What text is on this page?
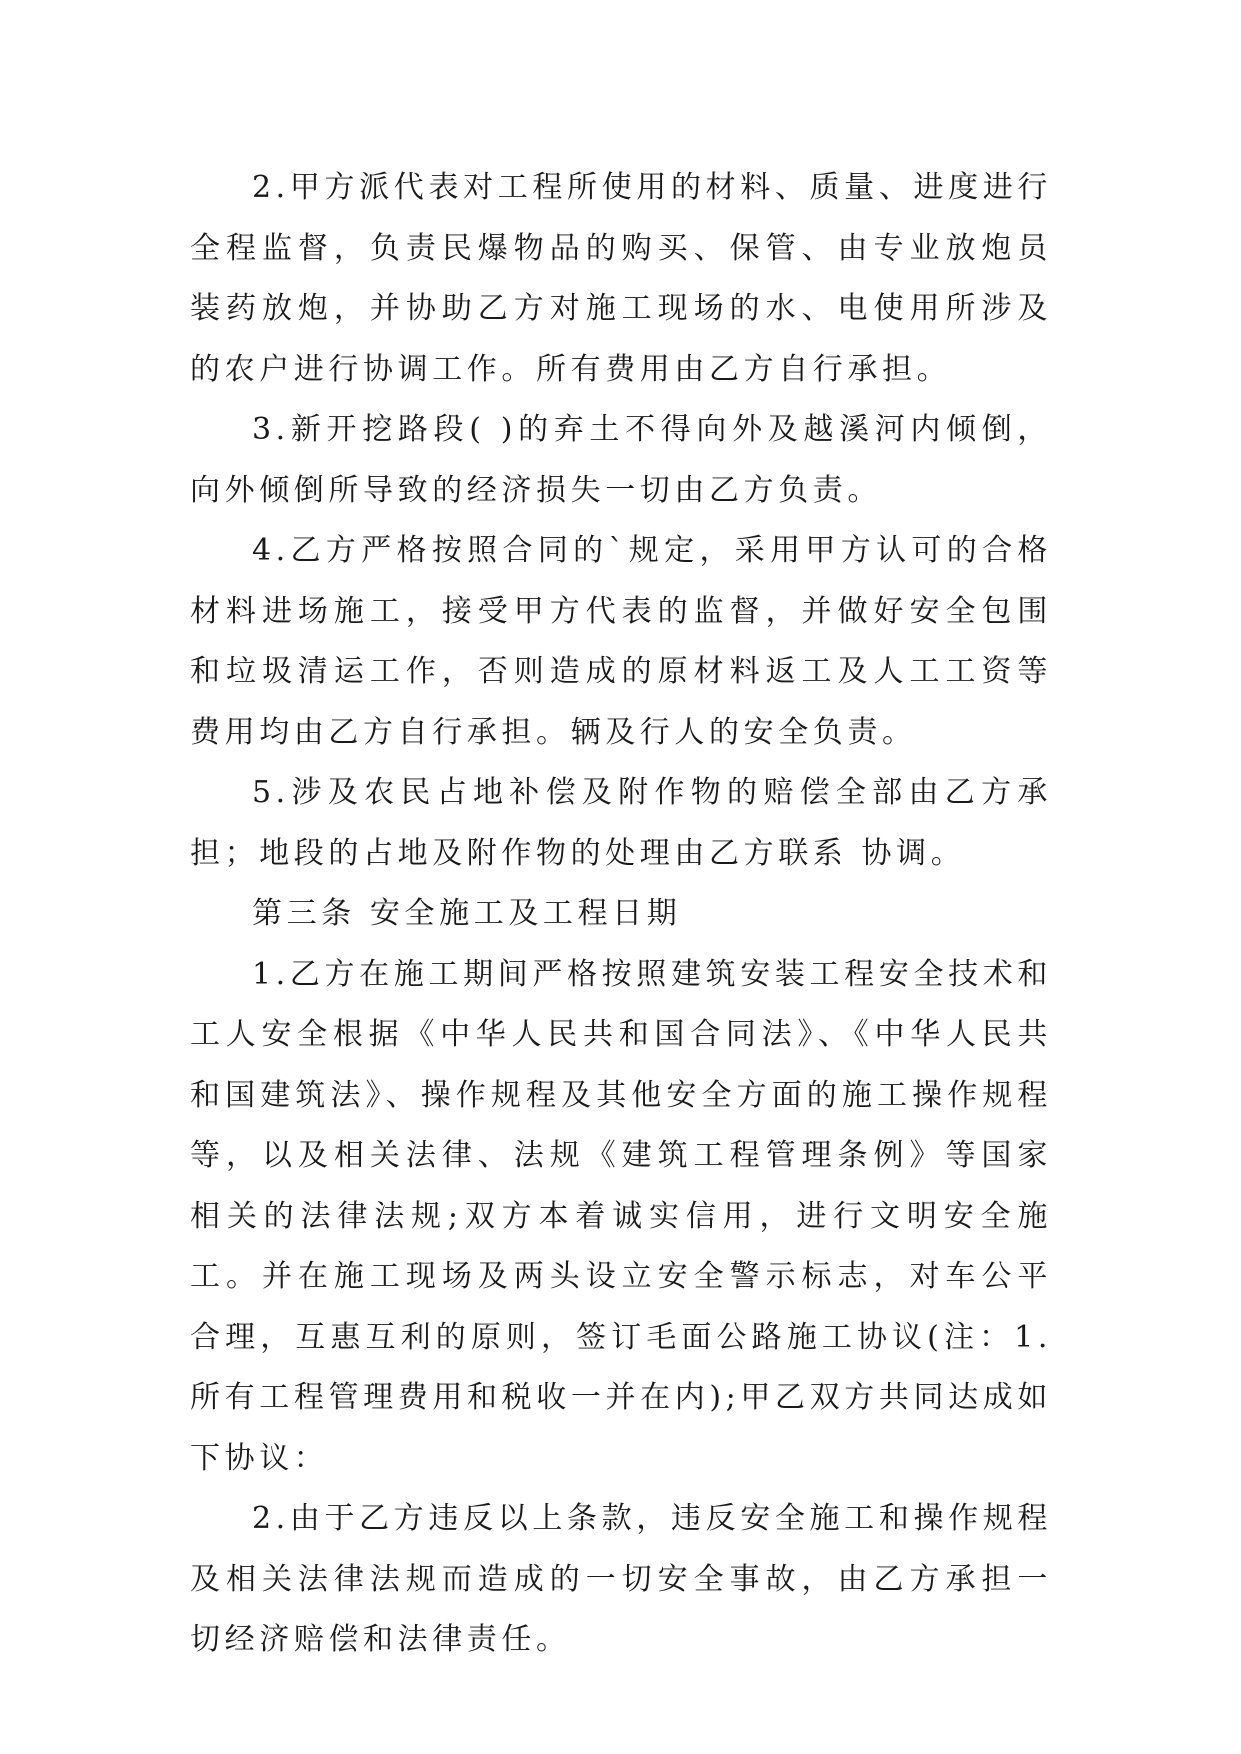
2.甲方派代表对工程所使用的材料、质量、进度进行全程监督，负责民爆物品的购买、保管、由专业放炮员装药放炮，并协助乙方对施工现场的水、电使用所涉及的农户进行协调工作。所有费用由乙方自行承担。

3.新开挖路段( )的弃土不得向外及越溪河内倾倒，向外倾倒所导致的经济损失一切由乙方负责。

4.乙方严格按照合同的`规定，采用甲方认可的合格材料进场施工，接受甲方代表的监督，并做好安全包围和垃圾清运工作，否则造成的原材料返工及人工工资等费用均由乙方自行承担。辆及行人的安全负责。

5.涉及农民占地补偿及附作物的赔偿全部由乙方承担；地段的占地及附作物的处理由乙方联系 协调。

第三条 安全施工及工程日期

1.乙方在施工期间严格按照建筑安装工程安全技术和工人安全根据《中华人民共和国合同法》、《中华人民共和国建筑法》、操作规程及其他安全方面的施工操作规程等，以及相关法律、法规《建筑工程管理条例》等国家相关的法律法规;双方本着诚实信用，进行文明安全施工。并在施工现场及两头设立安全警示标志，对车公平合理，互惠互利的原则，签订毛面公路施工协议(注：1.所有工程管理费用和税收一并在内);甲乙双方共同达成如下协议：

2.由于乙方违反以上条款，违反安全施工和操作规程及相关法律法规而造成的一切安全事故，由乙方承担一切经济赔偿和法律责任。
